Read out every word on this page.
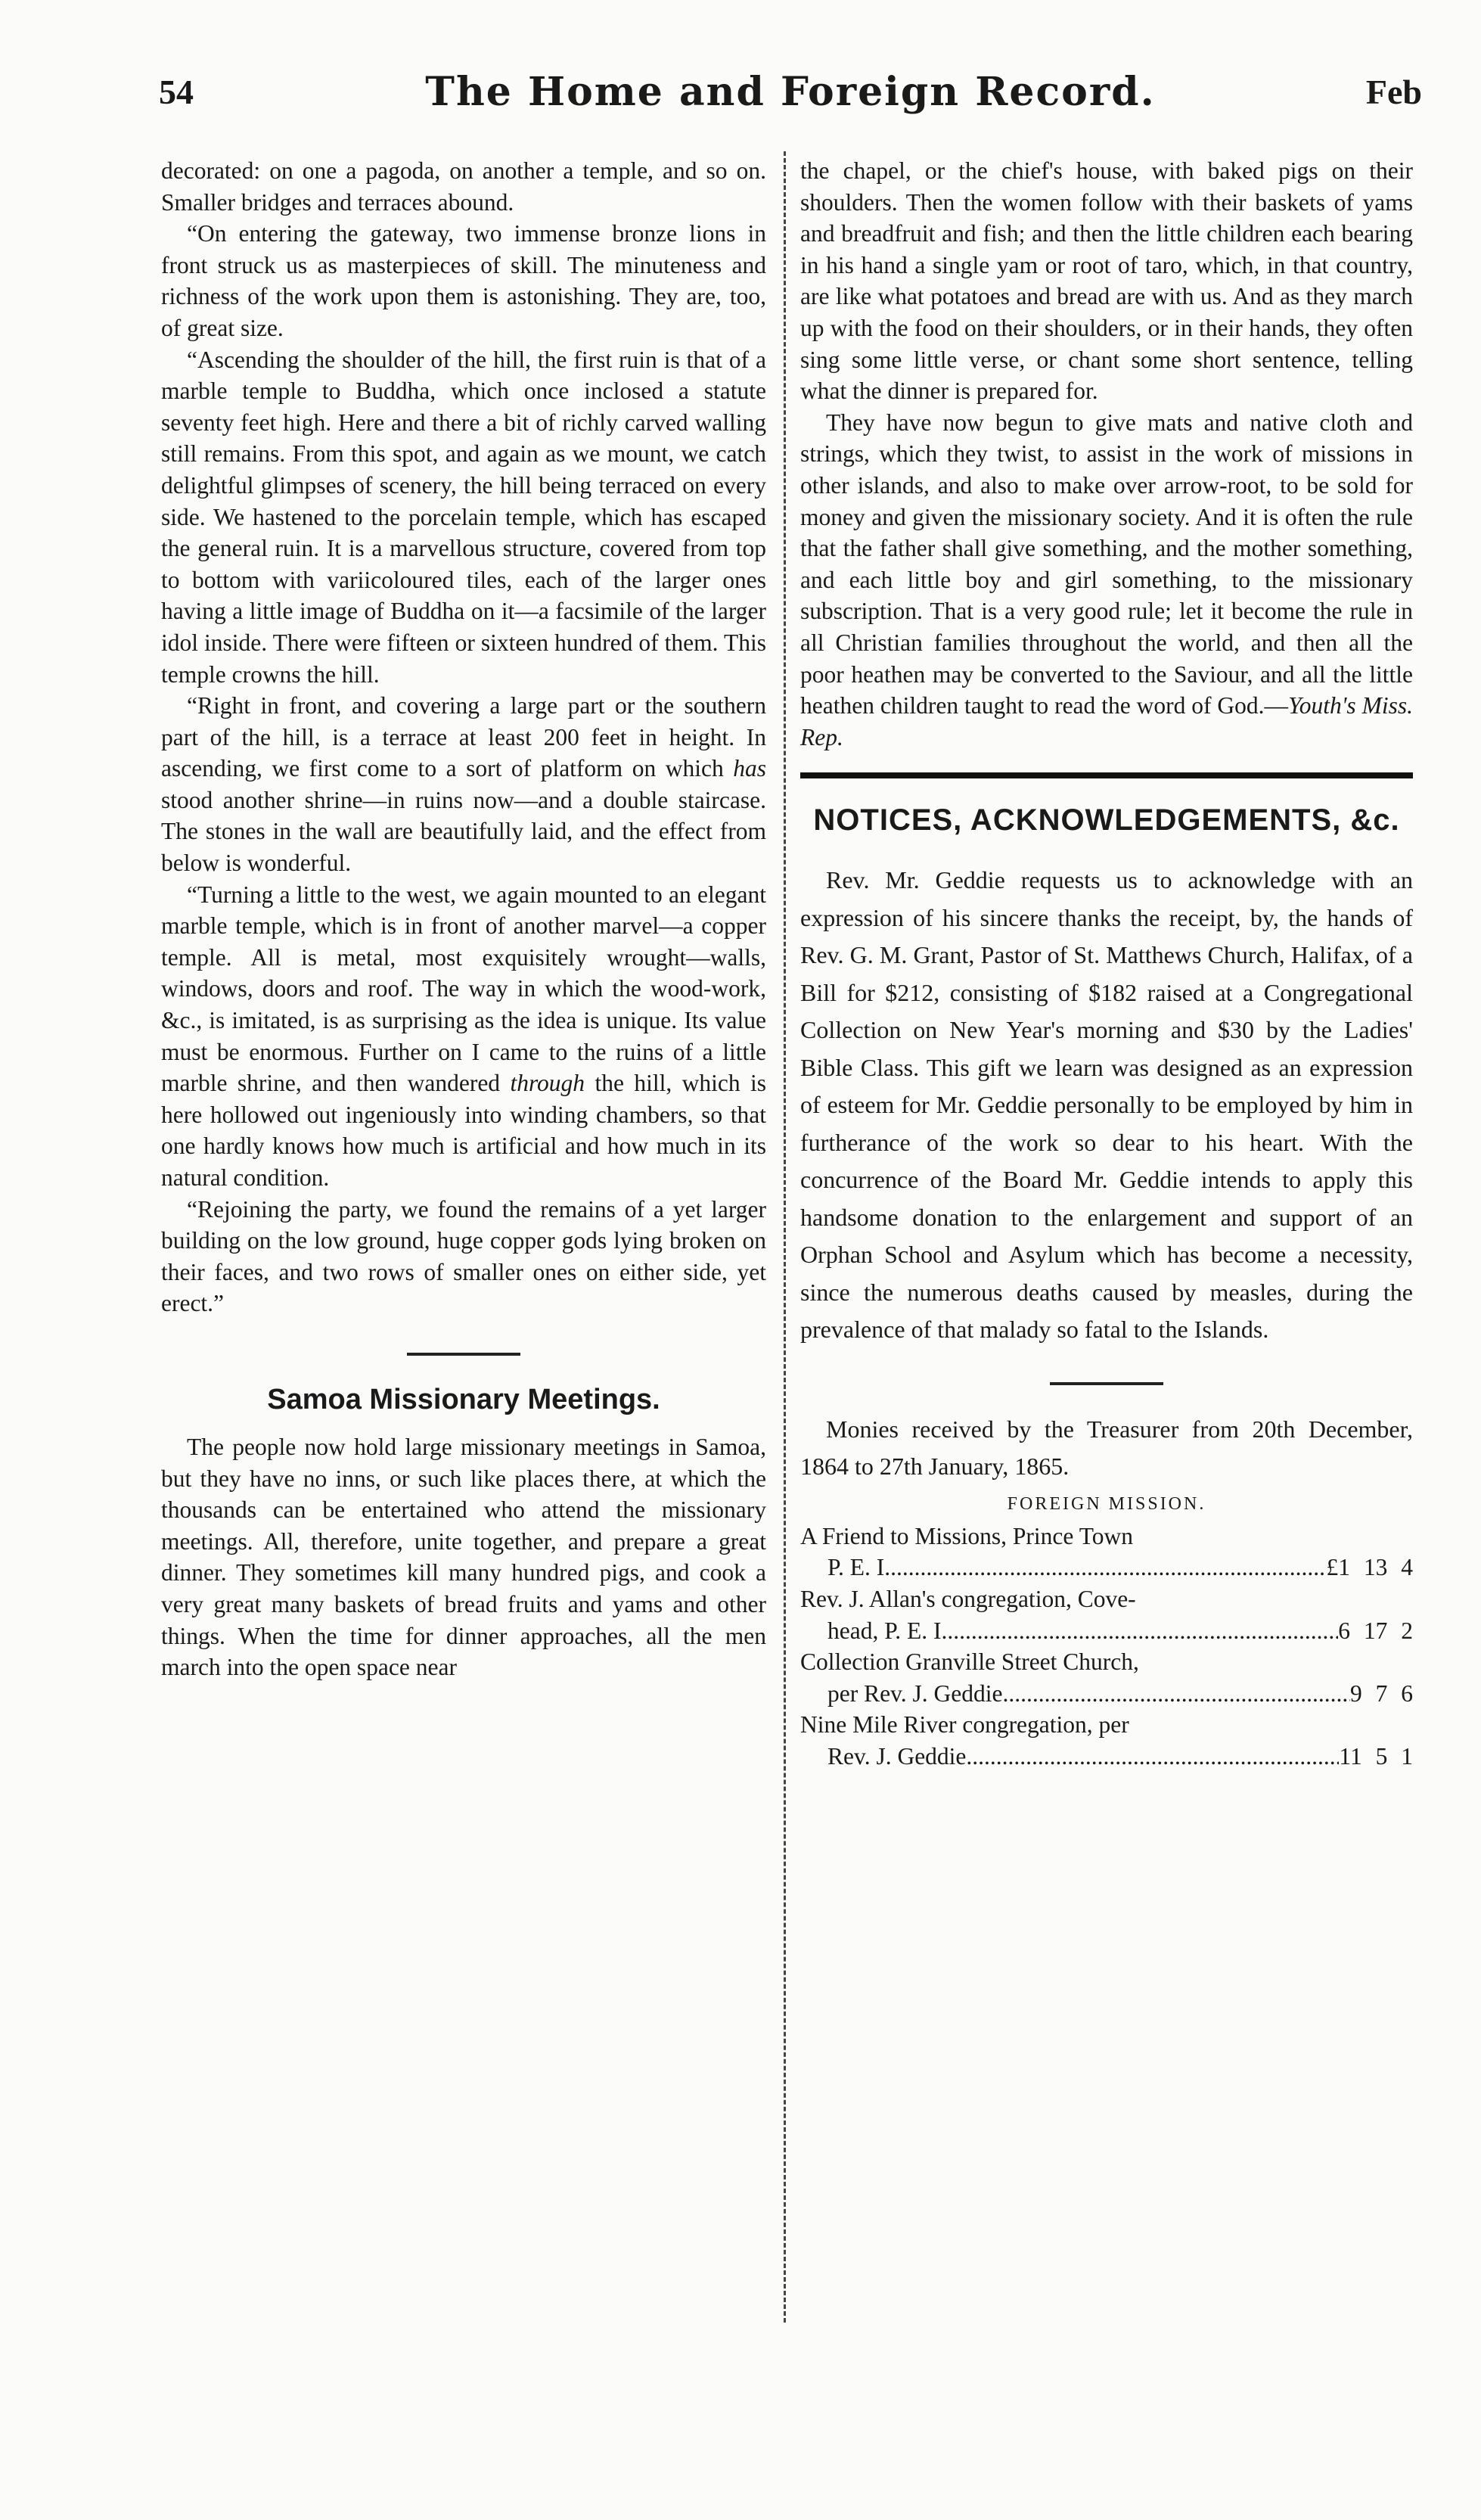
54	The Home and Foreign Record.	Feb

decorated: on one a pagoda, on another a temple, and so on. Smaller bridges and terraces abound.

“On entering the gateway, two immense bronze lions in front struck us as masterpieces of skill. The minuteness and richness of the work upon them is astonishing. They are, too, of great size.

“Ascending the shoulder of the hill, the first ruin is that of a marble temple to Buddha, which once inclosed a statute seventy feet high. Here and there a bit of richly carved walling still remains. From this spot, and again as we mount, we catch delightful glimpses of scenery, the hill being terraced on every side. We hastened to the porcelain temple, which has escaped the general ruin. It is a marvellous structure, covered from top to bottom with variicoloured tiles, each of the larger ones having a little image of Buddha on it—a facsimile of the larger idol inside. There were fifteen or sixteen hundred of them. This temple crowns the hill.

“Right in front, and covering a large part or the southern part of the hill, is a terrace at least 200 feet in height. In ascending, we first come to a sort of platform on which has stood another shrine—in ruins now—and a double staircase. The stones in the wall are beautifully laid, and the effect from below is wonderful.

“Turning a little to the west, we again mounted to an elegant marble temple, which is in front of another marvel—a copper temple. All is metal, most exquisitely wrought—walls, windows, doors and roof. The way in which the wood-work, &c., is imitated, is as surprising as the idea is unique. Its value must be enormous. Further on I came to the ruins of a little marble shrine, and then wandered through the hill, which is here hollowed out ingeniously into winding chambers, so that one hardly knows how much is artificial and how much in its natural condition.

“Rejoining the party, we found the remains of a yet larger building on the low ground, huge copper gods lying broken on their faces, and two rows of smaller ones on either side, yet erect.”

Samoa Missionary Meetings.

The people now hold large missionary meetings in Samoa, but they have no inns, or such like places there, at which the thousands can be entertained who attend the missionary meetings. All, therefore, unite together, and prepare a great dinner. They sometimes kill many hundred pigs, and cook a very great many baskets of bread fruits and yams and other things. When the time for dinner approaches, all the men march into the open space near

the chapel, or the chief's house, with baked pigs on their shoulders. Then the women follow with their baskets of yams and breadfruit and fish; and then the little children each bearing in his hand a single yam or root of taro, which, in that country, are like what potatoes and bread are with us. And as they march up with the food on their shoulders, or in their hands, they often sing some little verse, or chant some short sentence, telling what the dinner is prepared for.

They have now begun to give mats and native cloth and strings, which they twist, to assist in the work of missions in other islands, and also to make over arrow-root, to be sold for money and given the missionary society. And it is often the rule that the father shall give something, and the mother something, and each little boy and girl something, to the missionary subscription. That is a very good rule; let it become the rule in all Christian families throughout the world, and then all the poor heathen may be converted to the Saviour, and all the little heathen children taught to read the word of God.—Youth's Miss. Rep.

NOTICES, ACKNOWLEDGEMENTS, &c.

Rev. Mr. Geddie requests us to acknowledge with an expression of his sincere thanks the receipt, by, the hands of Rev. G. M. Grant, Pastor of St. Matthews Church, Halifax, of a Bill for $212, consisting of $182 raised at a Congregational Collection on New Year's morning and $30 by the Ladies' Bible Class. This gift we learn was designed as an expression of esteem for Mr. Geddie personally to be employed by him in furtherance of the work so dear to his heart. With the concurrence of the Board Mr. Geddie intends to apply this handsome donation to the enlargement and support of an Orphan School and Asylum which has become a necessity, since the numerous deaths caused by measles, during the prevalence of that malady so fatal to the Islands.

Monies received by the Treasurer from 20th December, 1864 to 27th January, 1865.

FOREIGN MISSION.
A Friend to Missions, Prince Town
P. E. I. .....	£1 13 4
Rev. J. Allan's congregation, Cove-
head, P. E. I. .....	6 17 2
Collection Granville Street Church,
per Rev. J. Geddie .....	9 7 6
Nine Mile River congregation, per
Rev. J. Geddie .....	11 5 1
